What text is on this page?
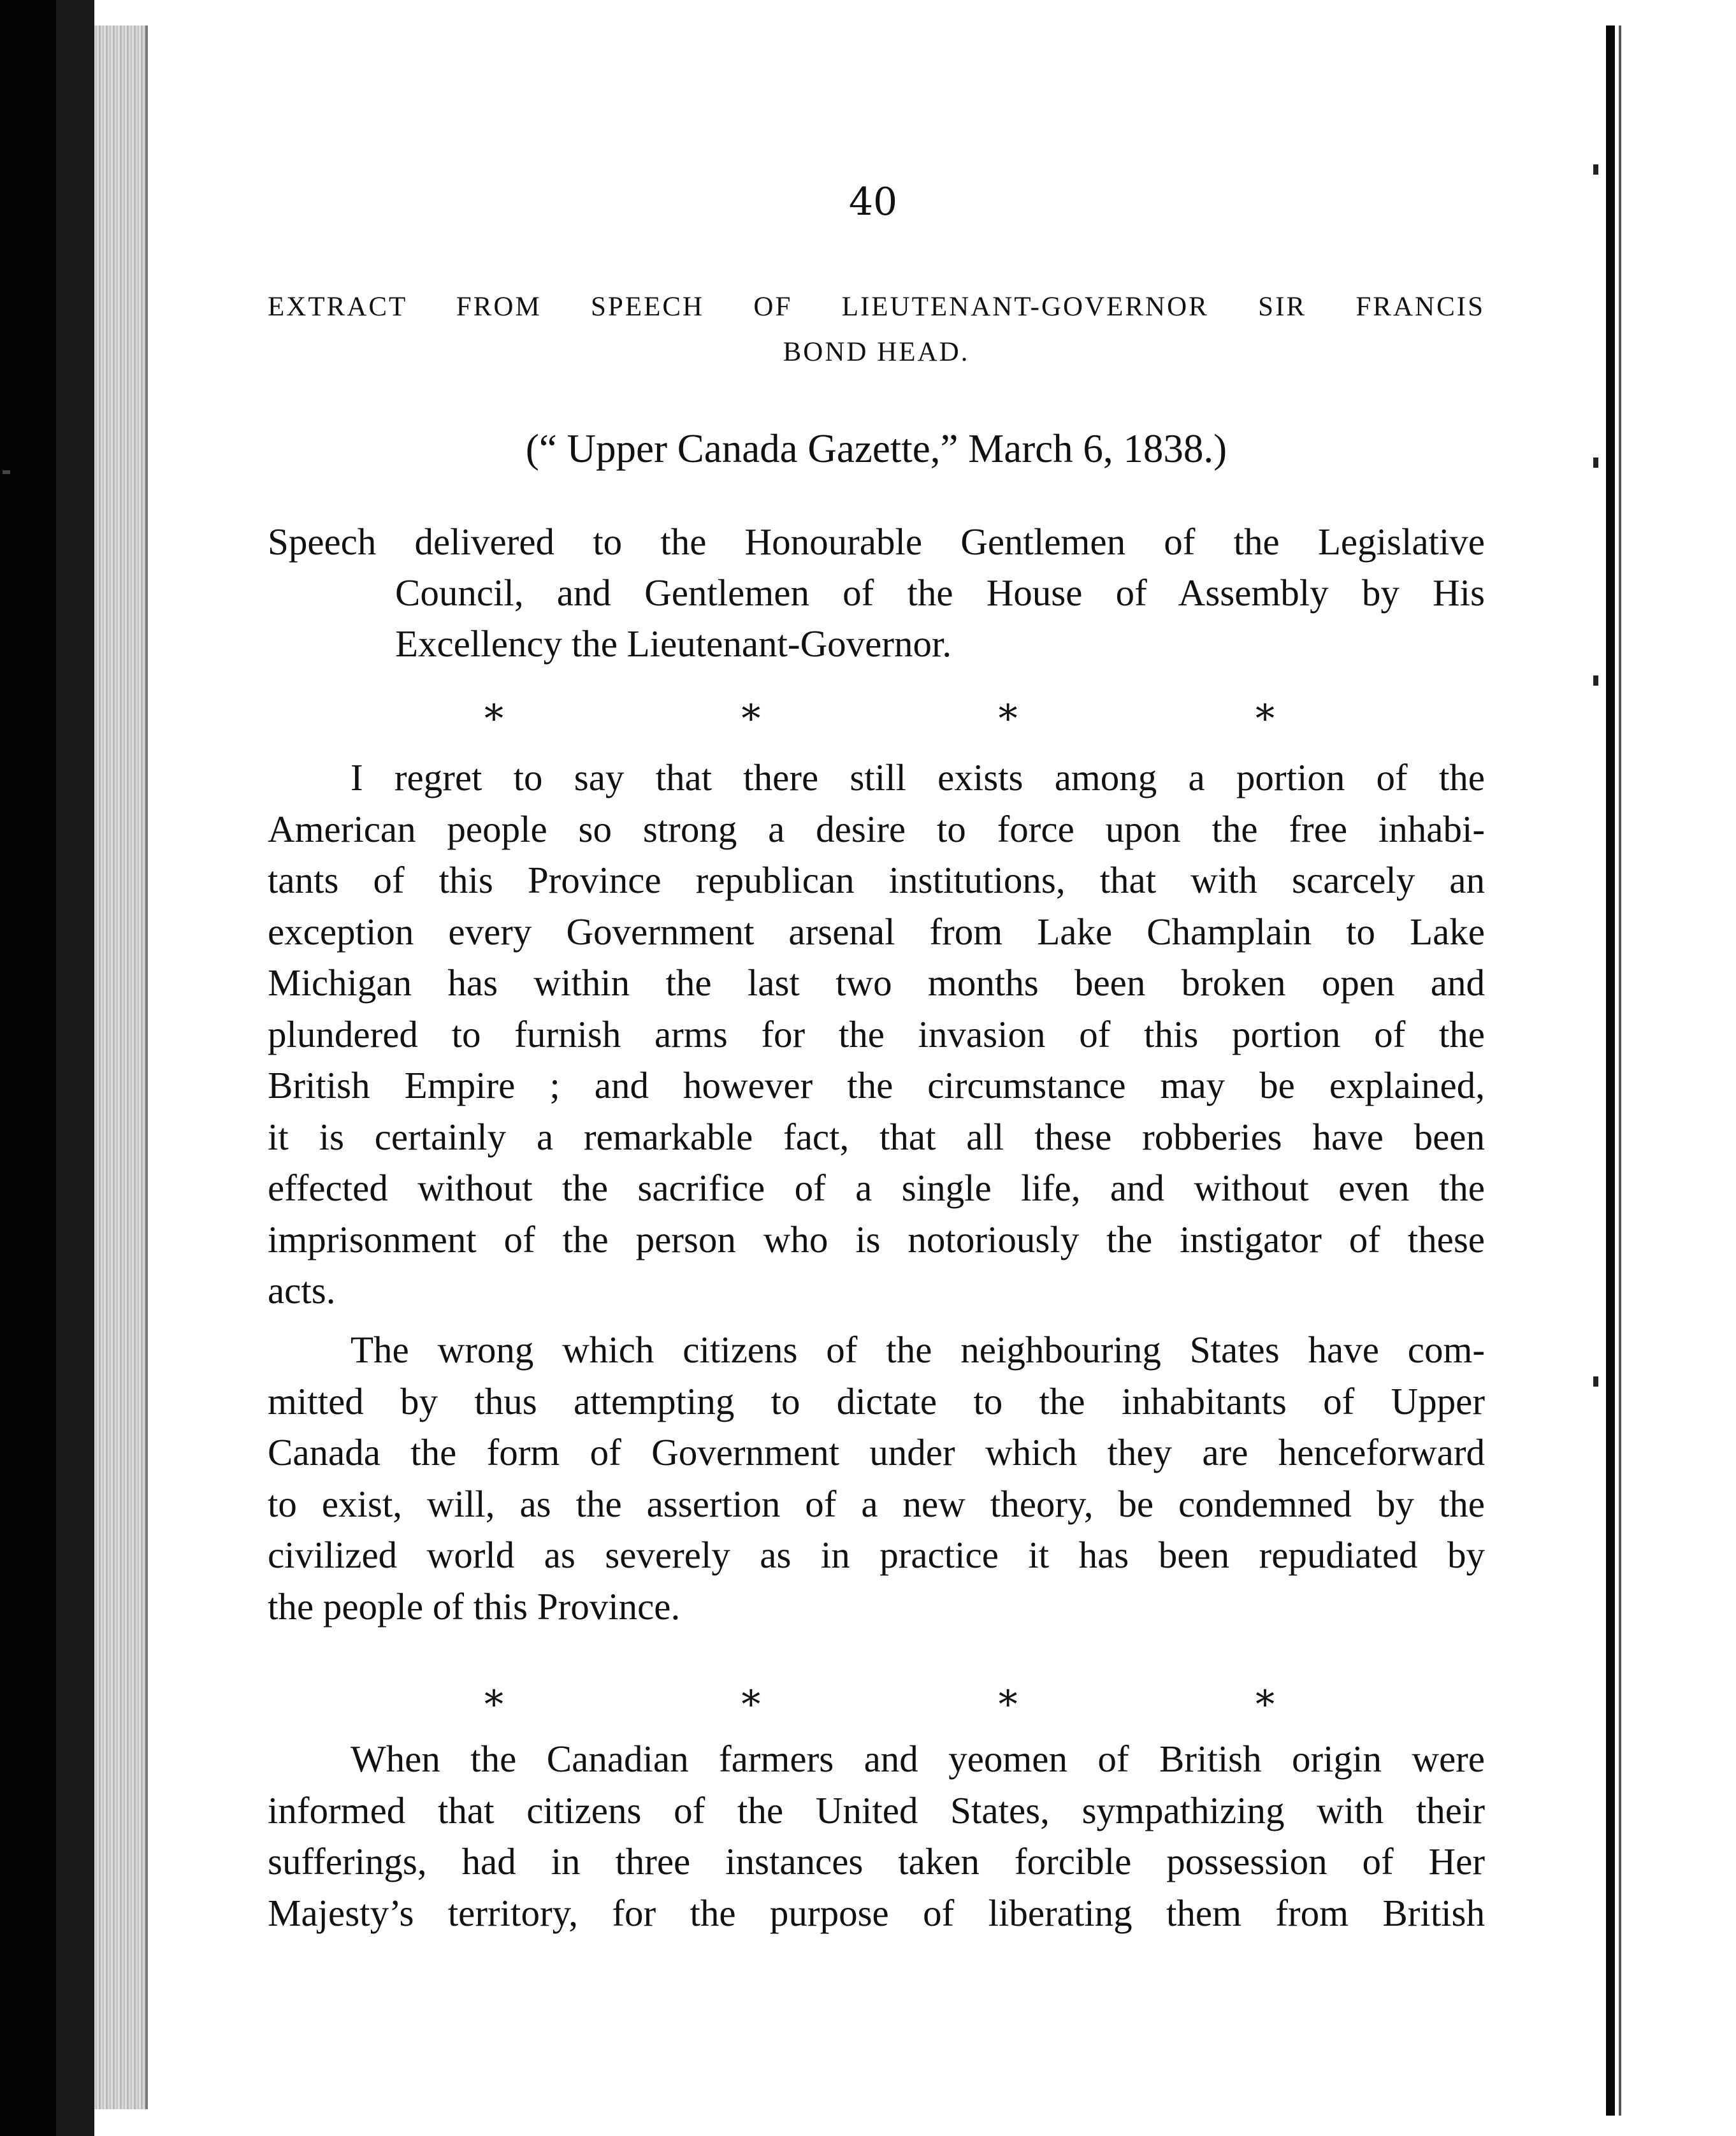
40
EXTRACT FROM SPEECH OF LIEUTENANT-GOVERNOR SIR FRANCIS
BOND HEAD.
(“ Upper Canada Gazette,” March 6, 1838.)
Speech delivered to the Honourable Gentlemen of the Legislative
Council, and Gentlemen of the House of Assembly by His
Excellency the Lieutenant-Governor.
*	*	*	*
I regret to say that there still exists among a portion of the
American people so strong a desire to force upon the free inhabi-
tants of this Province republican institutions, that with scarcely an
exception every Government arsenal from Lake Champlain to Lake
Michigan has within the last two months been broken open and
plundered to furnish arms for the invasion of this portion of the
British Empire ; and however the circumstance may be explained,
it is certainly a remarkable fact, that all these robberies have been
effected without the sacrifice of a single life, and without even the
imprisonment of the person who is notoriously the instigator of these
acts.
The wrong which citizens of the neighbouring States have com-
mitted by thus attempting to dictate to the inhabitants of Upper
Canada the form of Government under which they are henceforward
to exist, will, as the assertion of a new theory, be condemned by the
civilized world as severely as in practice it has been repudiated by
the people of this Province.
*	*	*	*
When the Canadian farmers and yeomen of British origin were
informed that citizens of the United States, sympathizing with their
sufferings, had in three instances taken forcible possession of Her
Majesty’s territory, for the purpose of liberating them from British
